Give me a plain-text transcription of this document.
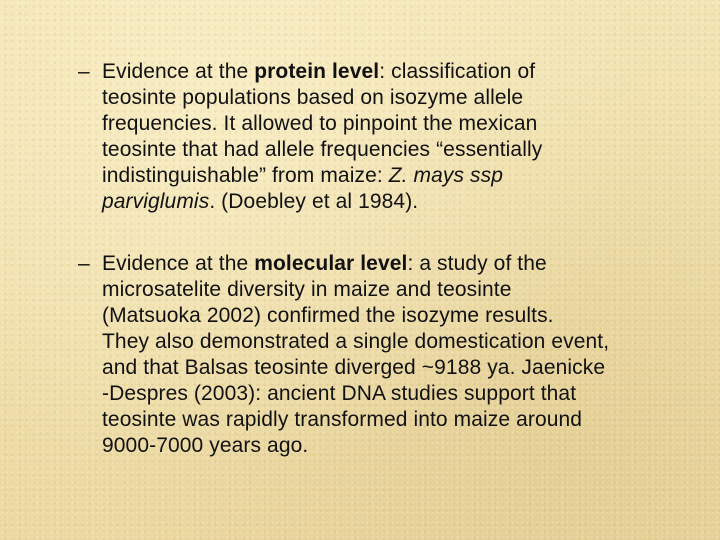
– Evidence at the protein level: classification of
teosinte populations based on isozyme allele
frequencies. It allowed to pinpoint the mexican
teosinte that had allele frequencies “essentially
indistinguishable” from maize: Z. mays ssp
parviglumis. (Doebley et al 1984).
– Evidence at the molecular level: a study of the
microsatelite diversity in maize and teosinte
(Matsuoka 2002) confirmed the isozyme results.
They also demonstrated a single domestication event,
and that Balsas teosinte diverged ~9188 ya. Jaenicke
-Despres (2003): ancient DNA studies support that
teosinte was rapidly transformed into maize around
9000-7000 years ago.
